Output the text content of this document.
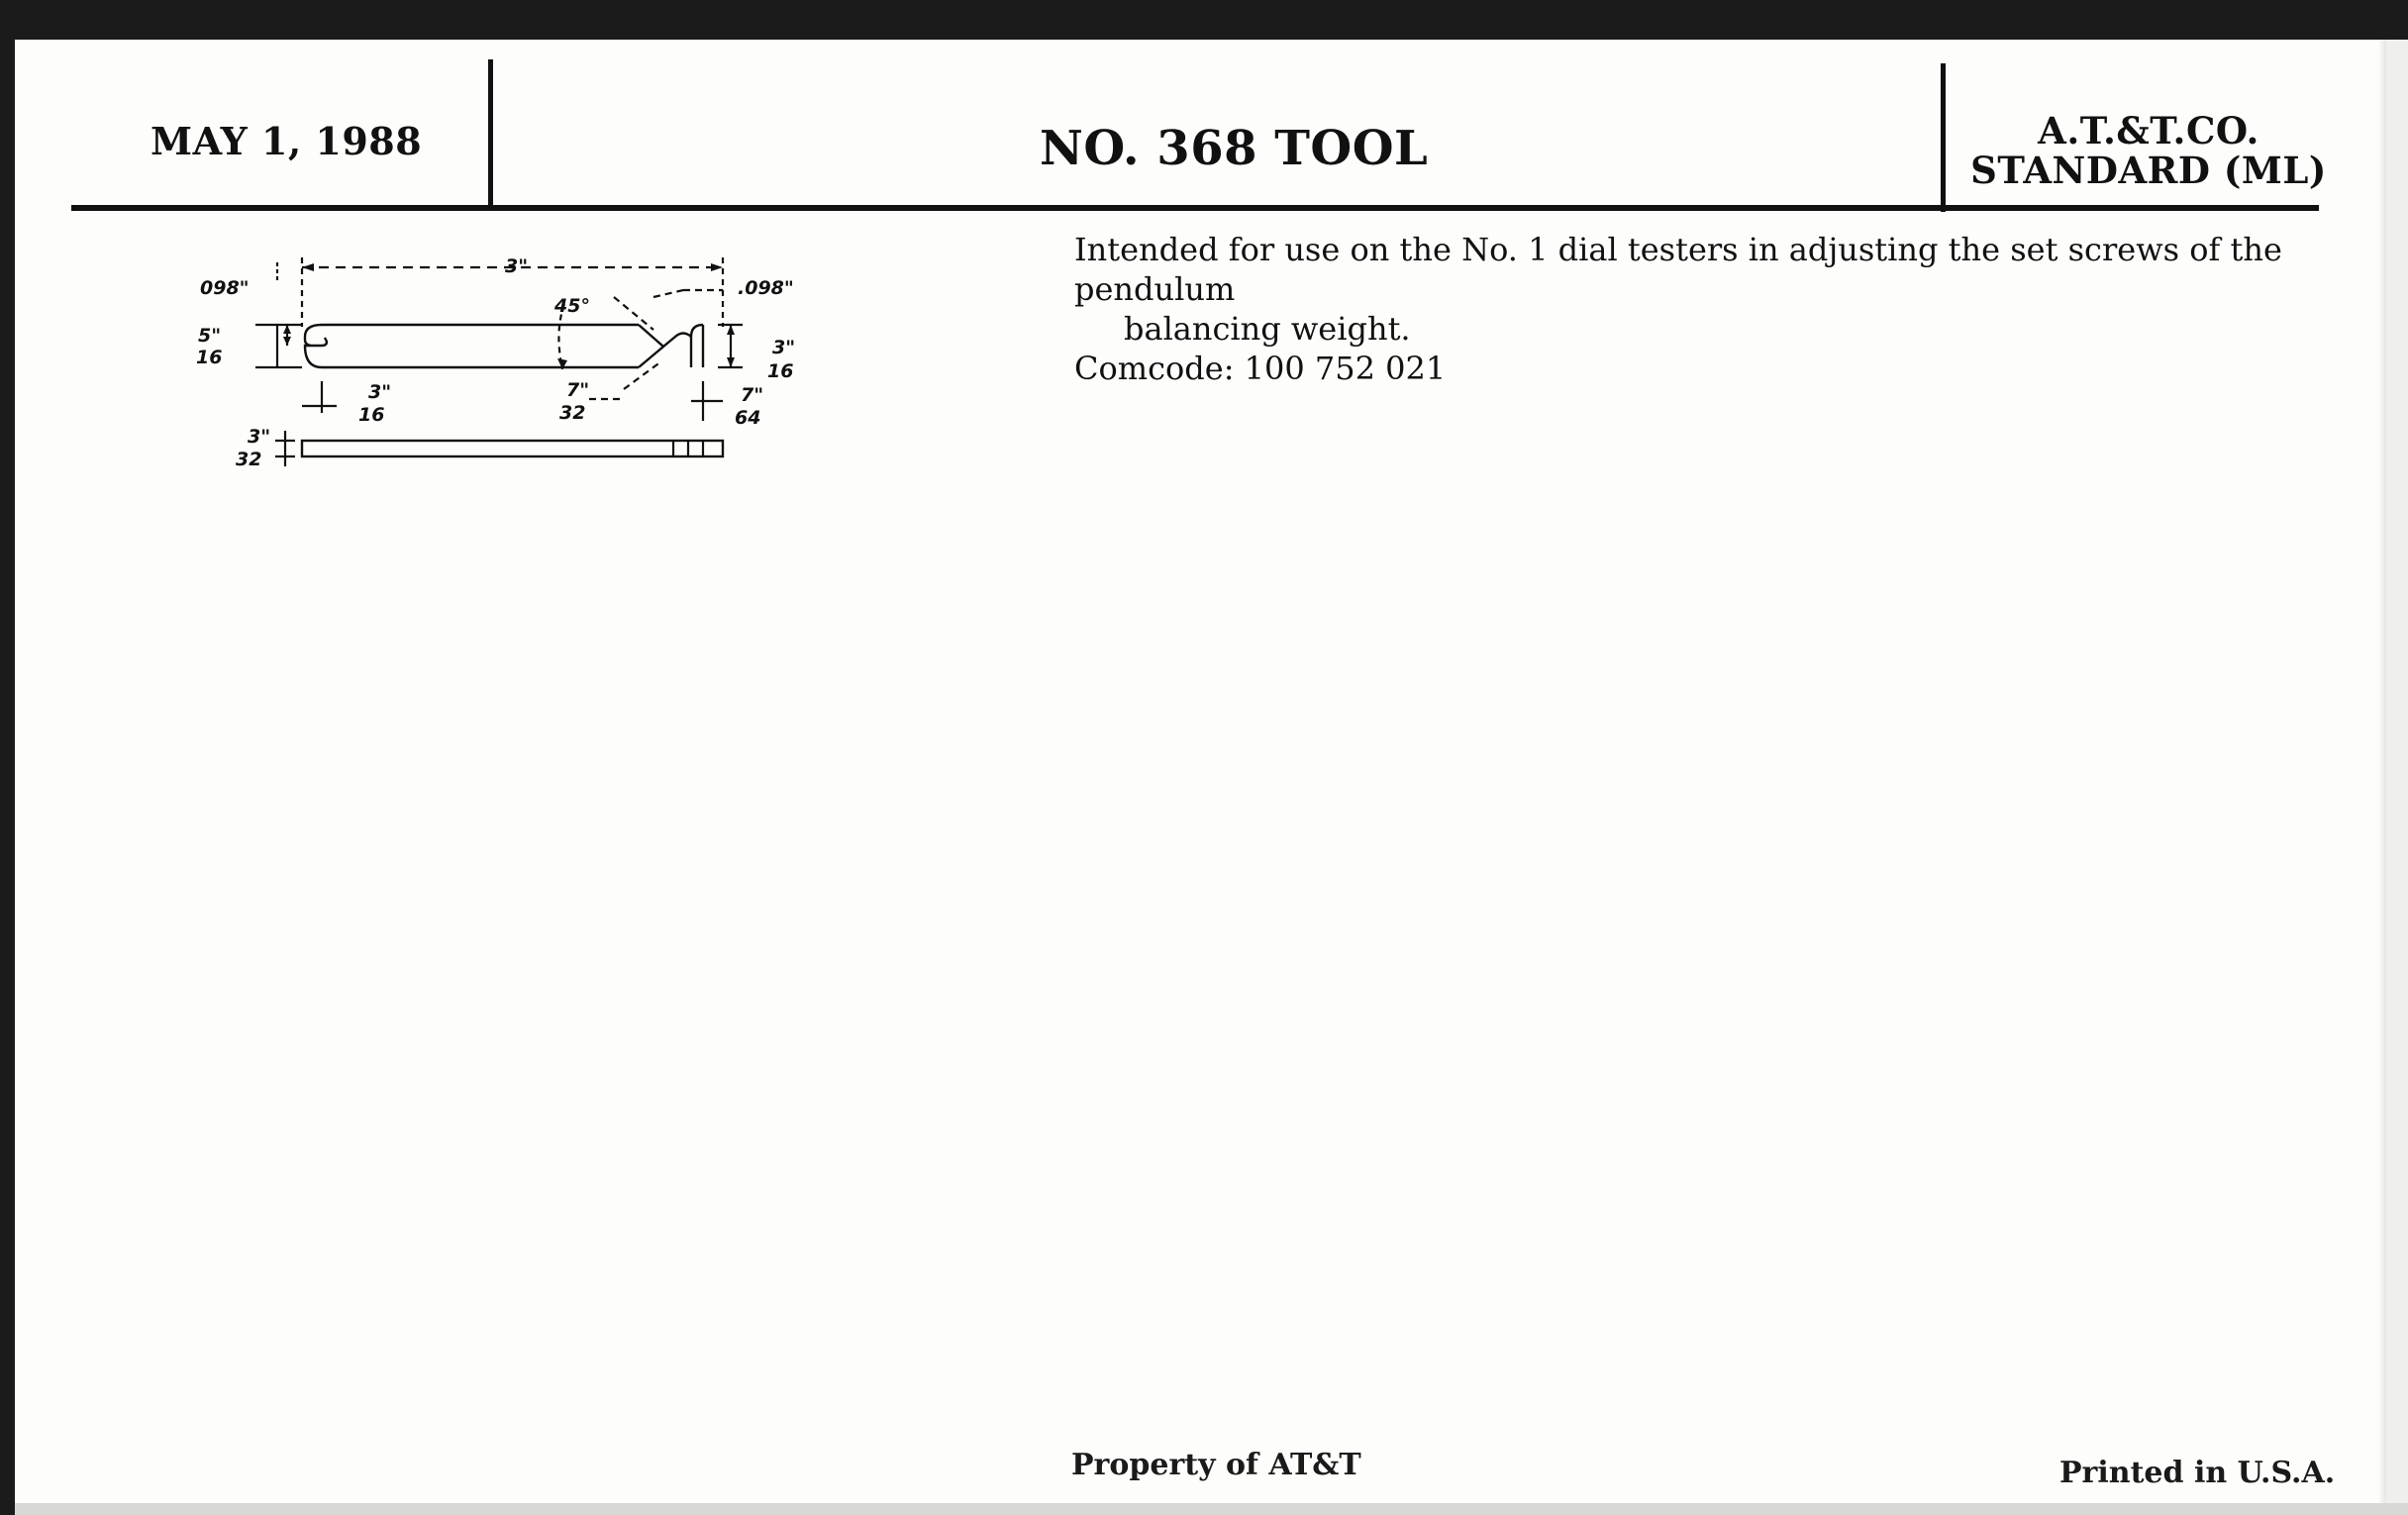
MAY 1, 1988	NO. 368 TOOL	A.T.&T.CO.
STANDARD (ML)
Intended for use on the No. 1 dial testers in adjusting the set screws of the pendulum
balancing weight.
Comcode: 100 752 021
3"
.098"
45°
098"
5"
16
3"
16
7"
32
3"
16
7"
64
3"
32
Property of AT&T	Printed in U.S.A.
